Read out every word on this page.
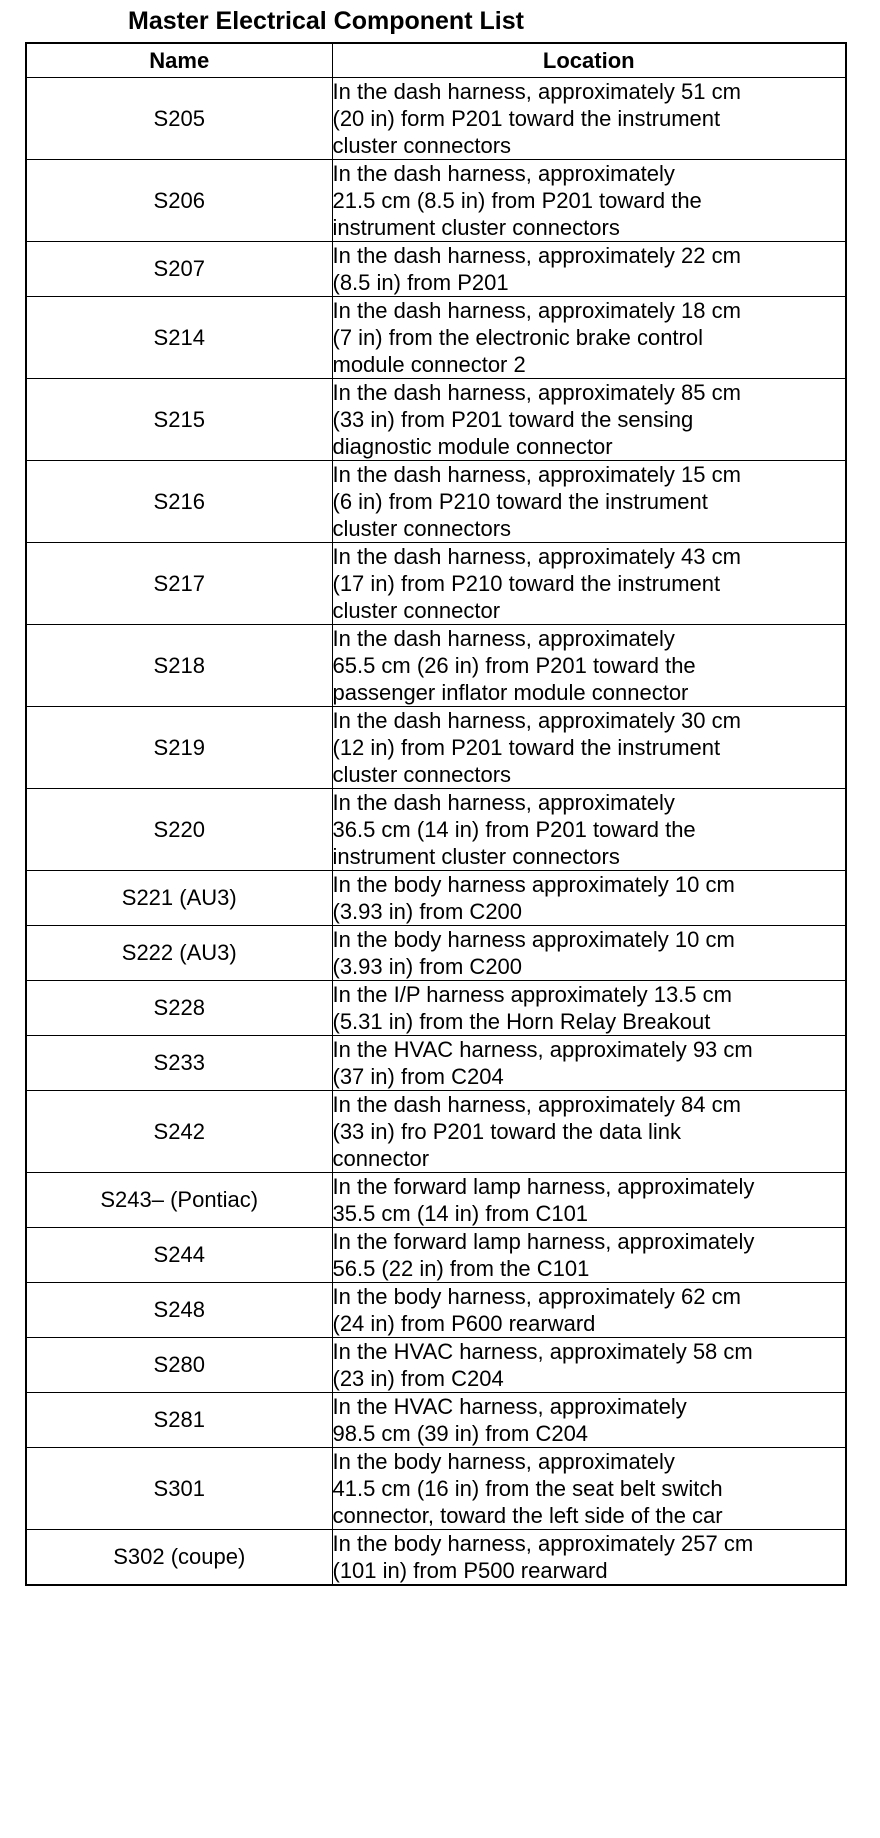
Master Electrical Component List
Name	Location
S205	In the dash harness, approximately 51 cm
(20 in) form P201 toward the instrument
cluster connectors

S206	In the dash harness, approximately
21.5 cm (8.5 in) from P201 toward the
instrument cluster connectors

S207	In the dash harness, approximately 22 cm
(8.5 in) from P201

S214	In the dash harness, approximately 18 cm
(7 in) from the electronic brake control
module connector 2

S215	In the dash harness, approximately 85 cm
(33 in) from P201 toward the sensing
diagnostic module connector

S216	In the dash harness, approximately 15 cm
(6 in) from P210 toward the instrument
cluster connectors

S217	In the dash harness, approximately 43 cm
(17 in) from P210 toward the instrument
cluster connector

S218	In the dash harness, approximately
65.5 cm (26 in) from P201 toward the
passenger inflator module connector

S219	In the dash harness, approximately 30 cm
(12 in) from P201 toward the instrument
cluster connectors

S220	In the dash harness, approximately
36.5 cm (14 in) from P201 toward the
instrument cluster connectors

S221 (AU3)	In the body harness approximately 10 cm
(3.93 in) from C200

S222 (AU3)	In the body harness approximately 10 cm
(3.93 in) from C200

S228	In the I/P harness approximately 13.5 cm
(5.31 in) from the Horn Relay Breakout

S233	In the HVAC harness, approximately 93 cm
(37 in) from C204

S242	In the dash harness, approximately 84 cm
(33 in) fro P201 toward the data link
connector

S243– (Pontiac)	In the forward lamp harness, approximately
35.5 cm (14 in) from C101

S244	In the forward lamp harness, approximately
56.5 (22 in) from the C101

S248	In the body harness, approximately 62 cm
(24 in) from P600 rearward

S280	In the HVAC harness, approximately 58 cm
(23 in) from C204

S281	In the HVAC harness, approximately
98.5 cm (39 in) from C204

S301	In the body harness, approximately
41.5 cm (16 in) from the seat belt switch
connector, toward the left side of the car

S302 (coupe)	In the body harness, approximately 257 cm
(101 in) from P500 rearward
